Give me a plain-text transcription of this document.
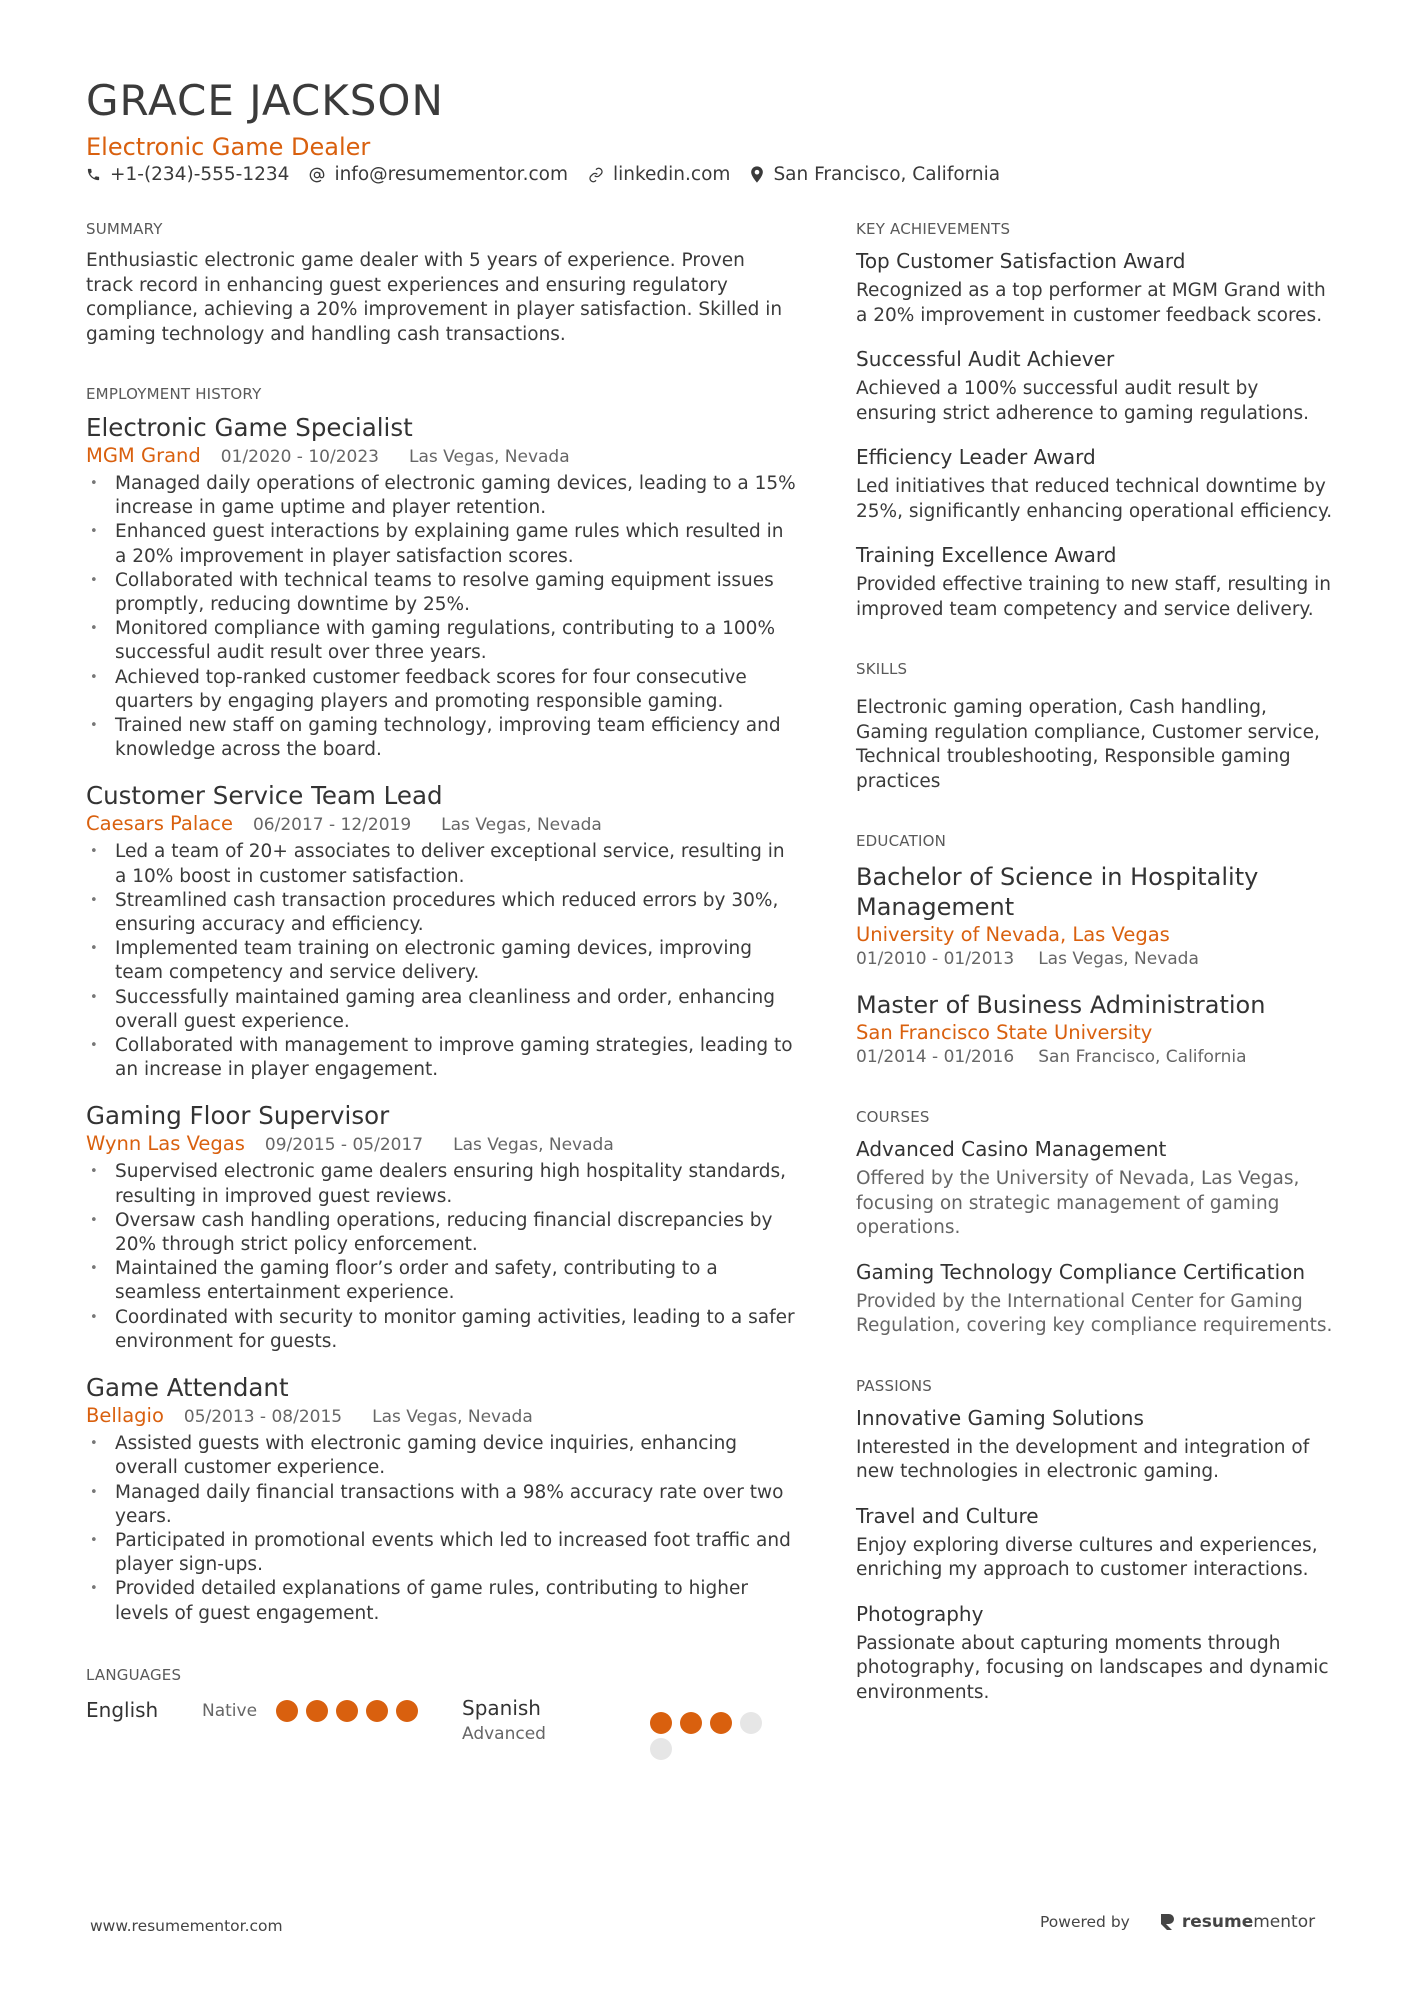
GRACE JACKSON
Electronic Game Dealer
+1-(234)-555-1234 info@resumementor.com linkedin.com San Francisco, California
SUMMARY
Enthusiastic electronic game dealer with 5 years of experience. Proven track record in enhancing guest experiences and ensuring regulatory compliance, achieving a 20% improvement in player satisfaction. Skilled in gaming technology and handling cash transactions.
EMPLOYMENT HISTORY
Electronic Game Specialist
MGM Grand 01/2020 - 10/2023 Las Vegas, Nevada
• Managed daily operations of electronic gaming devices, leading to a 15% increase in game uptime and player retention.
• Enhanced guest interactions by explaining game rules which resulted in a 20% improvement in player satisfaction scores.
• Collaborated with technical teams to resolve gaming equipment issues promptly, reducing downtime by 25%.
• Monitored compliance with gaming regulations, contributing to a 100% successful audit result over three years.
• Achieved top-ranked customer feedback scores for four consecutive quarters by engaging players and promoting responsible gaming.
• Trained new staff on gaming technology, improving team efficiency and knowledge across the board.
Customer Service Team Lead
Caesars Palace 06/2017 - 12/2019 Las Vegas, Nevada
• Led a team of 20+ associates to deliver exceptional service, resulting in a 10% boost in customer satisfaction.
• Streamlined cash transaction procedures which reduced errors by 30%, ensuring accuracy and efficiency.
• Implemented team training on electronic gaming devices, improving team competency and service delivery.
• Successfully maintained gaming area cleanliness and order, enhancing overall guest experience.
• Collaborated with management to improve gaming strategies, leading to an increase in player engagement.
Gaming Floor Supervisor
Wynn Las Vegas 09/2015 - 05/2017 Las Vegas, Nevada
• Supervised electronic game dealers ensuring high hospitality standards, resulting in improved guest reviews.
• Oversaw cash handling operations, reducing financial discrepancies by 20% through strict policy enforcement.
• Maintained the gaming floor’s order and safety, contributing to a seamless entertainment experience.
• Coordinated with security to monitor gaming activities, leading to a safer environment for guests.
Game Attendant
Bellagio 05/2013 - 08/2015 Las Vegas, Nevada
• Assisted guests with electronic gaming device inquiries, enhancing overall customer experience.
• Managed daily financial transactions with a 98% accuracy rate over two years.
• Participated in promotional events which led to increased foot traffic and player sign-ups.
• Provided detailed explanations of game rules, contributing to higher levels of guest engagement.
LANGUAGES
English	Native	Spanish
Advanced
KEY ACHIEVEMENTS
Top Customer Satisfaction Award
Recognized as a top performer at MGM Grand with a 20% improvement in customer feedback scores.
Successful Audit Achiever
Achieved a 100% successful audit result by ensuring strict adherence to gaming regulations.
Efficiency Leader Award
Led initiatives that reduced technical downtime by 25%, significantly enhancing operational efficiency.
Training Excellence Award
Provided effective training to new staff, resulting in improved team competency and service delivery.
SKILLS
Electronic gaming operation, Cash handling, Gaming regulation compliance, Customer service, Technical troubleshooting, Responsible gaming practices
EDUCATION
Bachelor of Science in Hospitality Management
University of Nevada, Las Vegas
01/2010 - 01/2013 Las Vegas, Nevada
Master of Business Administration
San Francisco State University
01/2014 - 01/2016 San Francisco, California
COURSES
Advanced Casino Management
Offered by the University of Nevada, Las Vegas, focusing on strategic management of gaming operations.
Gaming Technology Compliance Certification
Provided by the International Center for Gaming Regulation, covering key compliance requirements.
PASSIONS
Innovative Gaming Solutions
Interested in the development and integration of new technologies in electronic gaming.
Travel and Culture
Enjoy exploring diverse cultures and experiences, enriching my approach to customer interactions.
Photography
Passionate about capturing moments through photography, focusing on landscapes and dynamic environments.
www.resumementor.com	Powered by	resume mentor
